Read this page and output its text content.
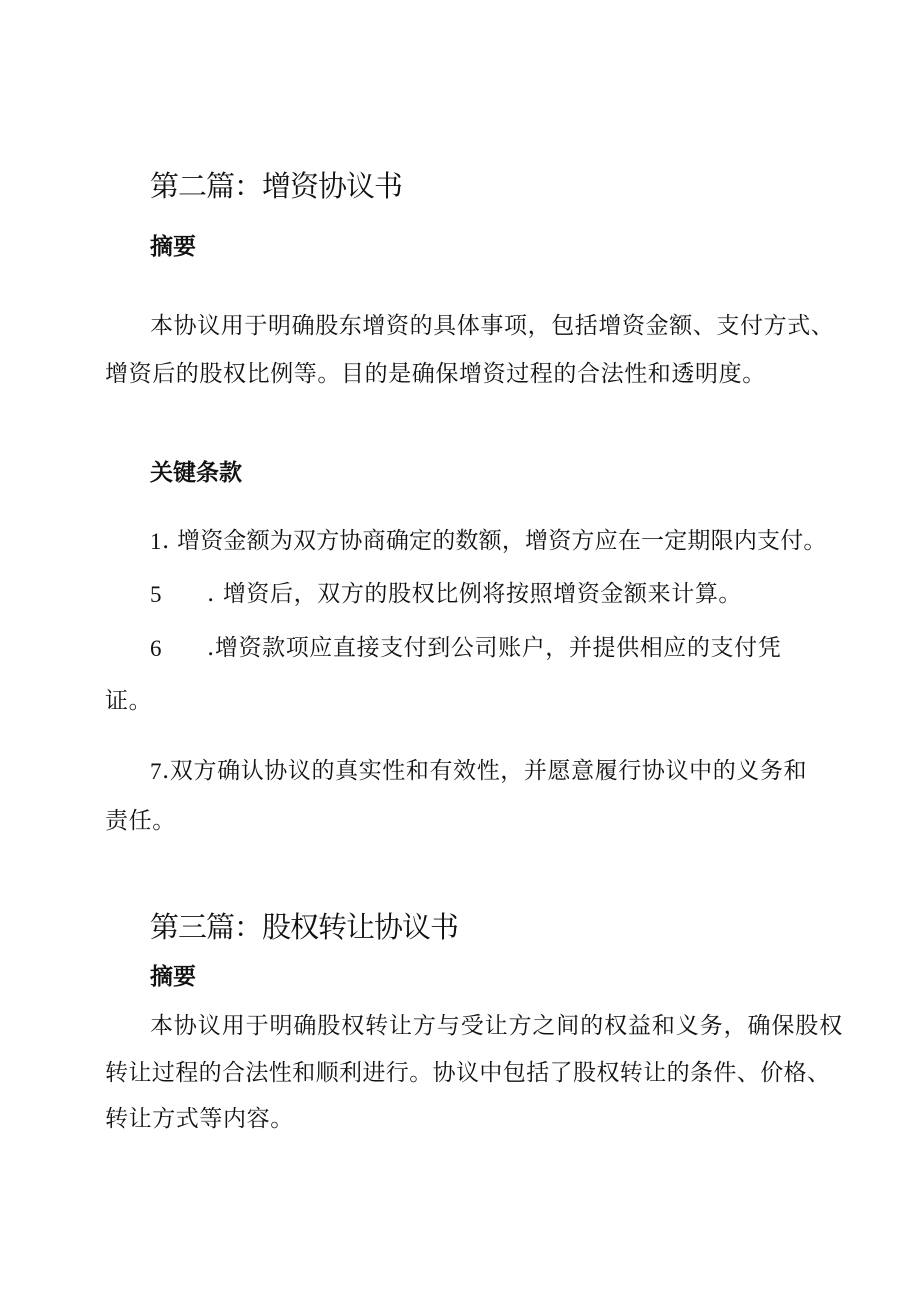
第二篇：增资协议书
摘要

本协议用于明确股东增资的具体事项，包括增资金额、支付方式、

增资后的股权比例等。目的是确保增资过程的合法性和透明度。

关键条款
1 . 增资金额为双方协商确定的数额，增资方应在一定期限内支付。

5 . 增资后，双方的股权比例将按照增资金额来计算。

6 .增资款项应直接支付到公司账户，并提供相应的支付凭

证。

7 .双方确认协议的真实性和有效性，并愿意履行协议中的义务和

责任。

第三篇：股权转让协议书
摘要

本协议用于明确股权转让方与受让方之间的权益和义务，确保股权

转让过程的合法性和顺利进行。协议中包括了股权转让的条件、价格、

转让方式等内容。
